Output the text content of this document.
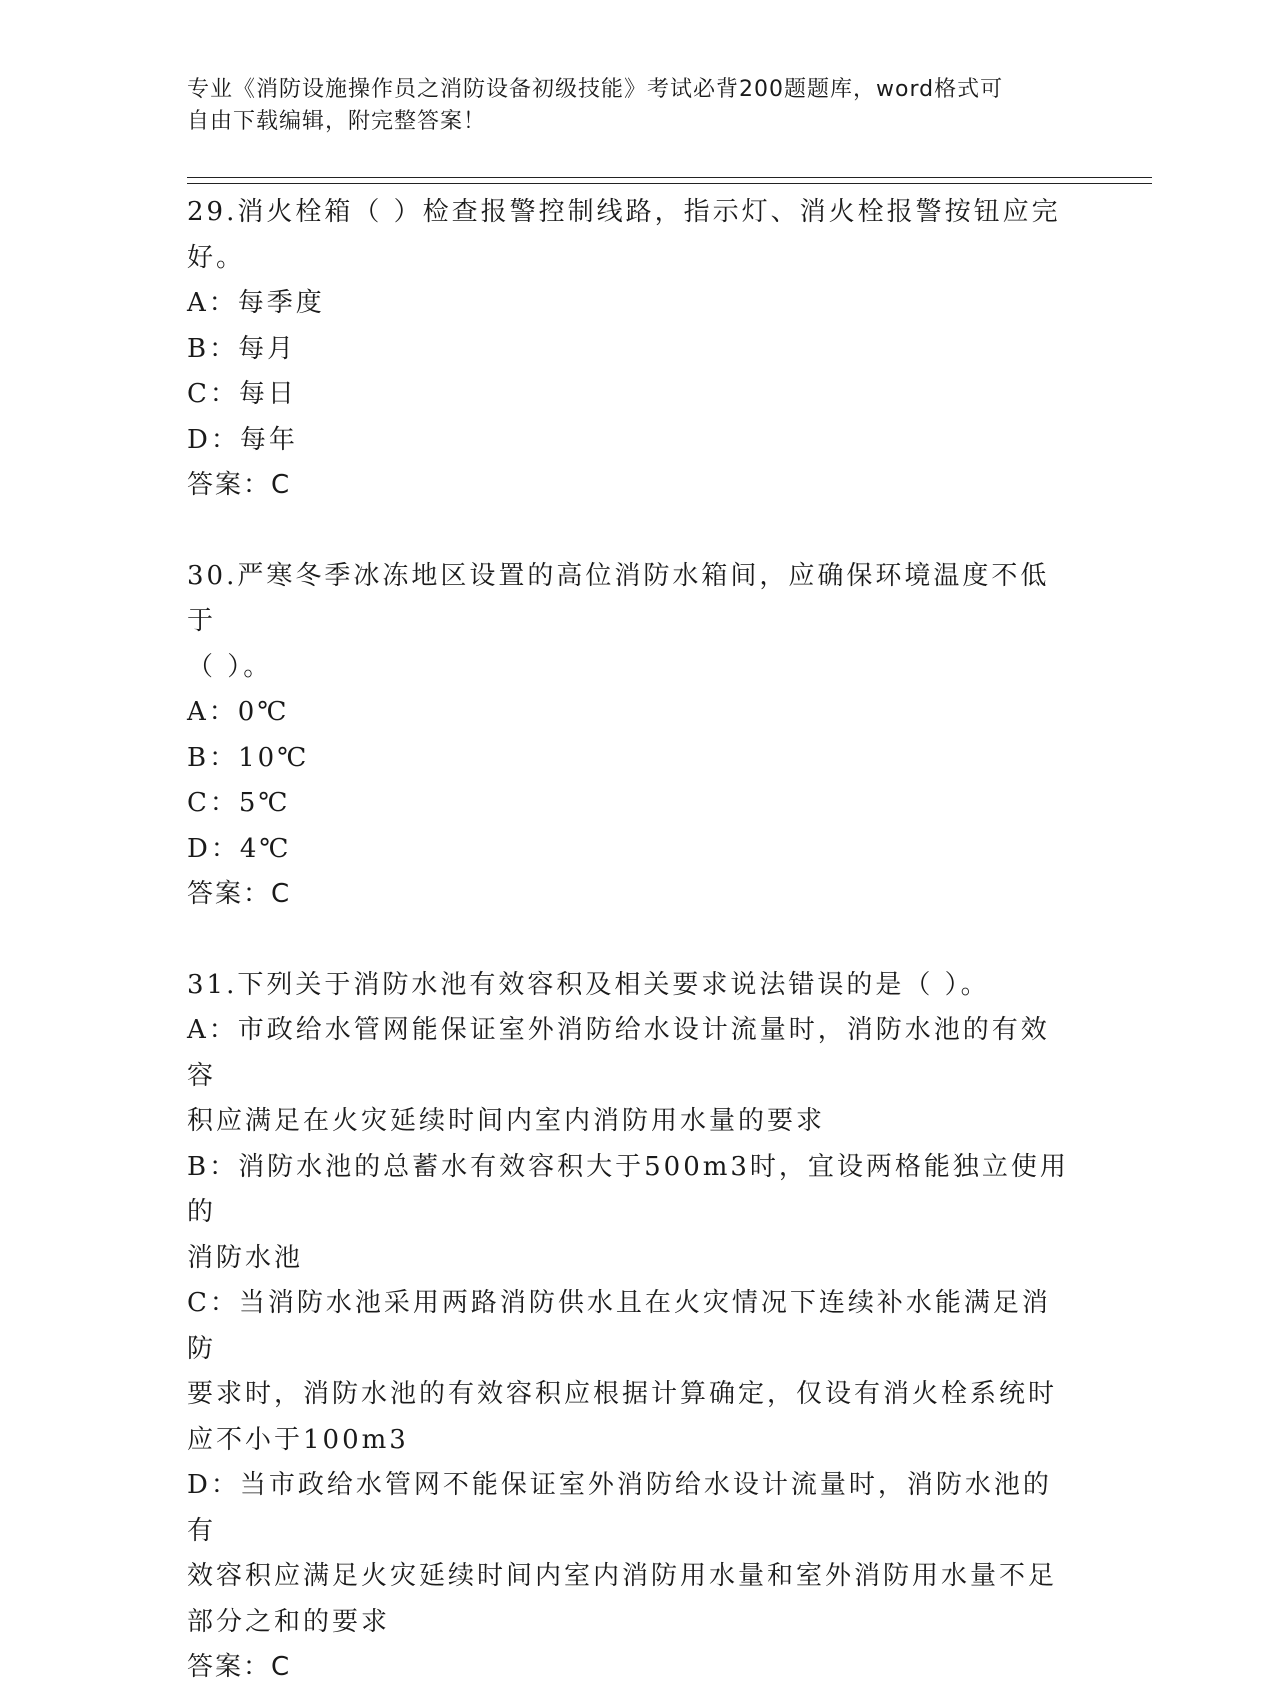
专业《消防设施操作员之消防设备初级技能》考试必背200题题库，word格式可
自由下载编辑，附完整答案！
29.消火栓箱（ ）检查报警控制线路，指示灯、消火栓报警按钮应完
好。
A：每季度
B：每月
C：每日
D：每年
答案：C
30.严寒冬季冰冻地区设置的高位消防水箱间，应确保环境温度不低于
（ ）。
A：0℃
B：10℃
C：5℃
D：4℃
答案：C
31.下列关于消防水池有效容积及相关要求说法错误的是（ ）。
A：市政给水管网能保证室外消防给水设计流量时，消防水池的有效容
积应满足在火灾延续时间内室内消防用水量的要求
B：消防水池的总蓄水有效容积大于500m3时，宜设两格能独立使用的
消防水池
C：当消防水池采用两路消防供水且在火灾情况下连续补水能满足消防
要求时，消防水池的有效容积应根据计算确定，仅设有消火栓系统时
应不小于100m3
D：当市政给水管网不能保证室外消防给水设计流量时，消防水池的有
效容积应满足火灾延续时间内室内消防用水量和室外消防用水量不足
部分之和的要求
答案：C
